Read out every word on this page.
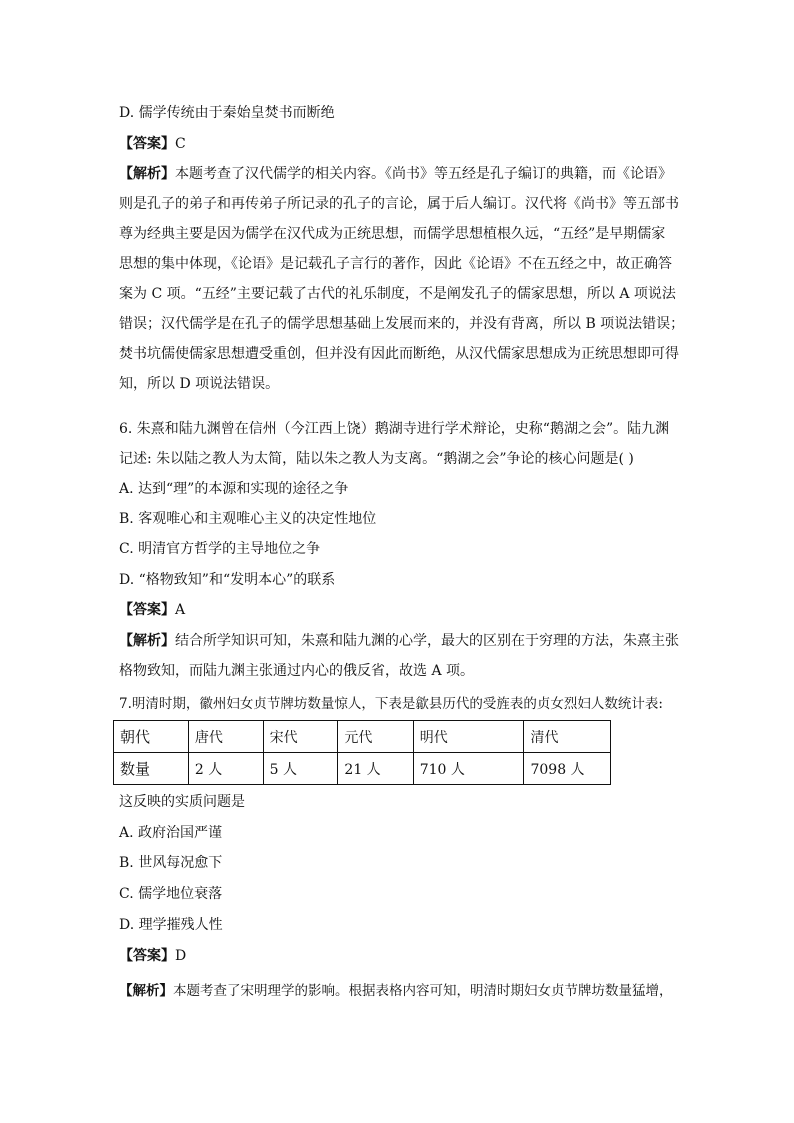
D. 儒学传统由于秦始皇焚书而断绝
【答案】C
【解析】本题考查了汉代儒学的相关内容。《尚书》等五经是孔子编订的典籍，而《论语》
则是孔子的弟子和再传弟子所记录的孔子的言论，属于后人编订。汉代将《尚书》等五部书
尊为经典主要是因为儒学在汉代成为正统思想，而儒学思想植根久远，“五经”是早期儒家
思想的集中体现，《论语》是记载孔子言行的著作，因此《论语》不在五经之中，故正确答
案为 C 项。“五经”主要记载了古代的礼乐制度，不是阐发孔子的儒家思想，所以 A 项说法
错误；汉代儒学是在孔子的儒学思想基础上发展而来的，并没有背离，所以 B 项说法错误；
焚书坑儒使儒家思想遭受重创，但并没有因此而断绝，从汉代儒家思想成为正统思想即可得
知，所以 D 项说法错误。
6. 朱熹和陆九渊曾在信州（今江西上饶）鹅湖寺进行学术辩论，史称“鹅湖之会”。陆九渊
记述: 朱以陆之教人为太简，陆以朱之教人为支离。“鹅湖之会”争论的核心问题是( )
A. 达到“理”的本源和实现的途径之争
B. 客观唯心和主观唯心主义的决定性地位
C. 明清官方哲学的主导地位之争
D. “格物致知”和“发明本心”的联系
【答案】A
【解析】结合所学知识可知，朱熹和陆九渊的心学，最大的区别在于穷理的方法，朱熹主张
格物致知，而陆九渊主张通过内心的俄反省，故选 A 项。
7.明清时期，徽州妇女贞节牌坊数量惊人，下表是歙县历代的受旌表的贞女烈妇人数统计表:
朝代	唐代	宋代	元代	明代	清代
数量	2 人	5 人	21 人	710 人	7098 人
这反映的实质问题是
A. 政府治国严谨
B. 世风每况愈下
C. 儒学地位衰落
D. 理学摧残人性
【答案】D
【解析】本题考查了宋明理学的影响。根据表格内容可知，明清时期妇女贞节牌坊数量猛增，
